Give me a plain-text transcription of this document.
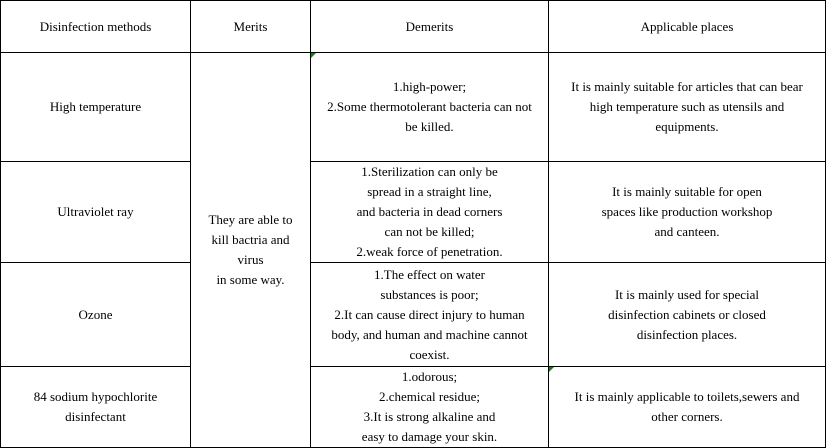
Disinfection methods	Merits	Demerits	Applicable places

High temperature	They are able to
kill bactria and
virus
in some way.	1.high-power;
2.Some thermotolerant bacteria can not
be killed.	It is mainly suitable for articles that can bear
high temperature such as utensils and
equipments.

Ultraviolet ray		1.Sterilization can only be
spread in a straight line,
and bacteria in dead corners
can not be killed;
2.weak force of penetration.	It is mainly suitable for open
spaces like production workshop
and canteen.

Ozone		1.The effect on water
substances is poor;
2.It can cause direct injury to human
body, and human and machine cannot
coexist.	It is mainly used for special
disinfection cabinets or closed
disinfection places.

84 sodium hypochlorite
disinfectant		1.odorous;
2.chemical residue;
3.It is strong alkaline and
easy to damage your skin.	It is mainly applicable to toilets,sewers and
other corners.
